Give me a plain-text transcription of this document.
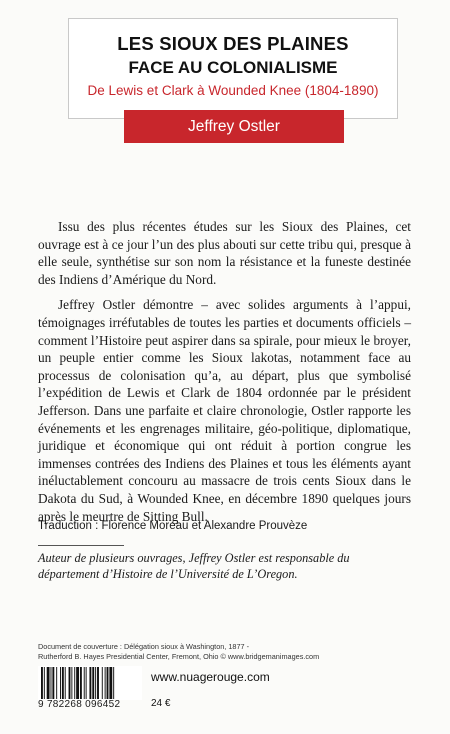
LES SIOUX DES PLAINES
FACE AU COLONIALISME
De Lewis et Clark à Wounded Knee (1804-1890)
Jeffrey Ostler

Issu des plus récentes études sur les Sioux des Plaines, cet ouvrage est à ce jour l’un des plus abouti sur cette tribu qui, presque à elle seule, synthétise sur son nom la résistance et la funeste destinée des Indiens d’Amérique du Nord.

Jeffrey Ostler démontre – avec solides arguments à l’appui, témoignages irréfutables de toutes les parties et documents officiels – comment l’Histoire peut aspirer dans sa spirale, pour mieux le broyer, un peuple entier comme les Sioux lakotas, notamment face au processus de colonisation qu’a, au départ, plus que symbolisé l’expédition de Lewis et Clark de 1804 ordonnée par le président Jefferson. Dans une parfaite et claire chronologie, Ostler rapporte les événements et les engrenages militaire, géo-politique, diplomatique, juridique et économique qui ont réduit à portion congrue les immenses contrées des Indiens des Plaines et tous les éléments ayant inéluctablement concouru au massacre de trois cents Sioux dans le Dakota du Sud, à Wounded Knee, en décembre 1890 quelques jours après le meurtre de Sitting Bull.

Traduction : Florence Moreau et Alexandre Prouvèze
Auteur de plusieurs ouvrages, Jeffrey Ostler est responsable du département d’Histoire de l’Université de L’Oregon.
Document de couverture : Délégation sioux à Washington, 1877 -
Rutherford B. Hayes Presidential Center, Fremont, Ohio © www.bridgemanimages.com
9 782268 096452
www.nuagerouge.com
24 €
